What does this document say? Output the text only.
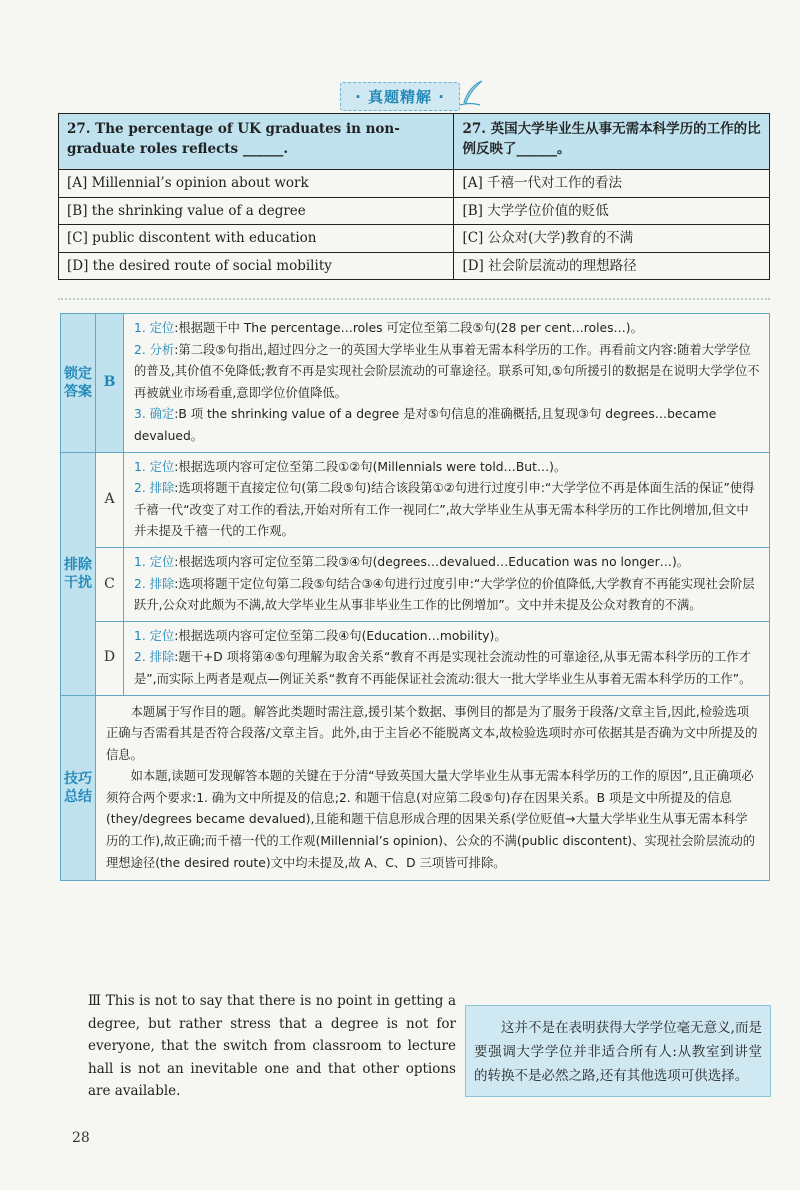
· 真题精解 ·
27. The percentage of UK graduates in non-graduate roles reflects ______.	27. 英国大学毕业生从事无需本科学历的工作的比例反映了______。
[A] Millennial’s opinion about work	[A] 千禧一代对工作的看法
[B] the shrinking value of a degree	[B] 大学学位价值的贬低
[C] public discontent with education	[C] 公众对(大学)教育的不满
[D] the desired route of social mobility	[D] 社会阶层流动的理想路径
锁定答案	B	1. 定位:根据题干中 The percentage…roles 可定位至第二段⑤句(28 per cent…roles…)。
2. 分析:第二段⑤句指出,超过四分之一的英国大学毕业生从事着无需本科学历的工作。再看前文内容:随着大学学位的普及,其价值不免降低;教育不再是实现社会阶层流动的可靠途径。联系可知,⑤句所援引的数据是在说明大学学位不再被就业市场看重,意即学位价值降低。
3. 确定:B 项 the shrinking value of a degree 是对⑤句信息的准确概括,且复现③句 degrees…became devalued。

排除干扰	A	1. 定位:根据选项内容可定位至第二段①②句(Millennials were told…But…)。
2. 排除:选项将题干直接定位句(第二段⑤句)结合该段第①②句进行过度引申:“大学学位不再是体面生活的保证”使得千禧一代“改变了对工作的看法,开始对所有工作一视同仁”,故大学毕业生从事无需本科学历的工作比例增加,但文中并未提及千禧一代的工作观。

	C	1. 定位:根据选项内容可定位至第二段③④句(degrees…devalued…Education was no longer…)。
2. 排除:选项将题干定位句第二段⑤句结合③④句进行过度引申:“大学学位的价值降低,大学教育不再能实现社会阶层跃升,公众对此颇为不满,故大学毕业生从事非毕业生工作的比例增加”。文中并未提及公众对教育的不满。

	D	1. 定位:根据选项内容可定位至第二段④句(Education…mobility)。
2. 排除:题干+D 项将第④⑤句理解为取舍关系“教育不再是实现社会流动性的可靠途径,从事无需本科学历的工作才是”,而实际上两者是观点—例证关系“教育不再能保证社会流动:很大一批大学毕业生从事着无需本科学历的工作”。

技巧总结	本题属于写作目的题。解答此类题时需注意,援引某个数据、事例目的都是为了服务于段落/文章主旨,因此,检验选项正确与否需看其是否符合段落/文章主旨。此外,由于主旨必不能脱离文本,故检验选项时亦可依据其是否确为文中所提及的信息。
如本题,读题可发现解答本题的关键在于分清“导致英国大量大学毕业生从事无需本科学历的工作的原因”,且正确项必须符合两个要求:1. 确为文中所提及的信息;2. 和题干信息(对应第二段⑤句)存在因果关系。B 项是文中所提及的信息(they/degrees became devalued),且能和题干信息形成合理的因果关系(学位贬值→大量大学毕业生从事无需本科学历的工作),故正确;而千禧一代的工作观(Millennial’s opinion)、公众的不满(public discontent)、实现社会阶层流动的理想途径(the desired route)文中均未提及,故 A、C、D 三项皆可排除。	
Ⅲ This is not to say that there is no point in getting a degree, but rather stress that a degree is not for everyone, that the switch from classroom to lecture hall is not an inevitable one and that other options are available.
这并不是在表明获得大学学位毫无意义,而是要强调大学学位并非适合所有人:从教室到讲堂的转换不是必然之路,还有其他选项可供选择。
28
